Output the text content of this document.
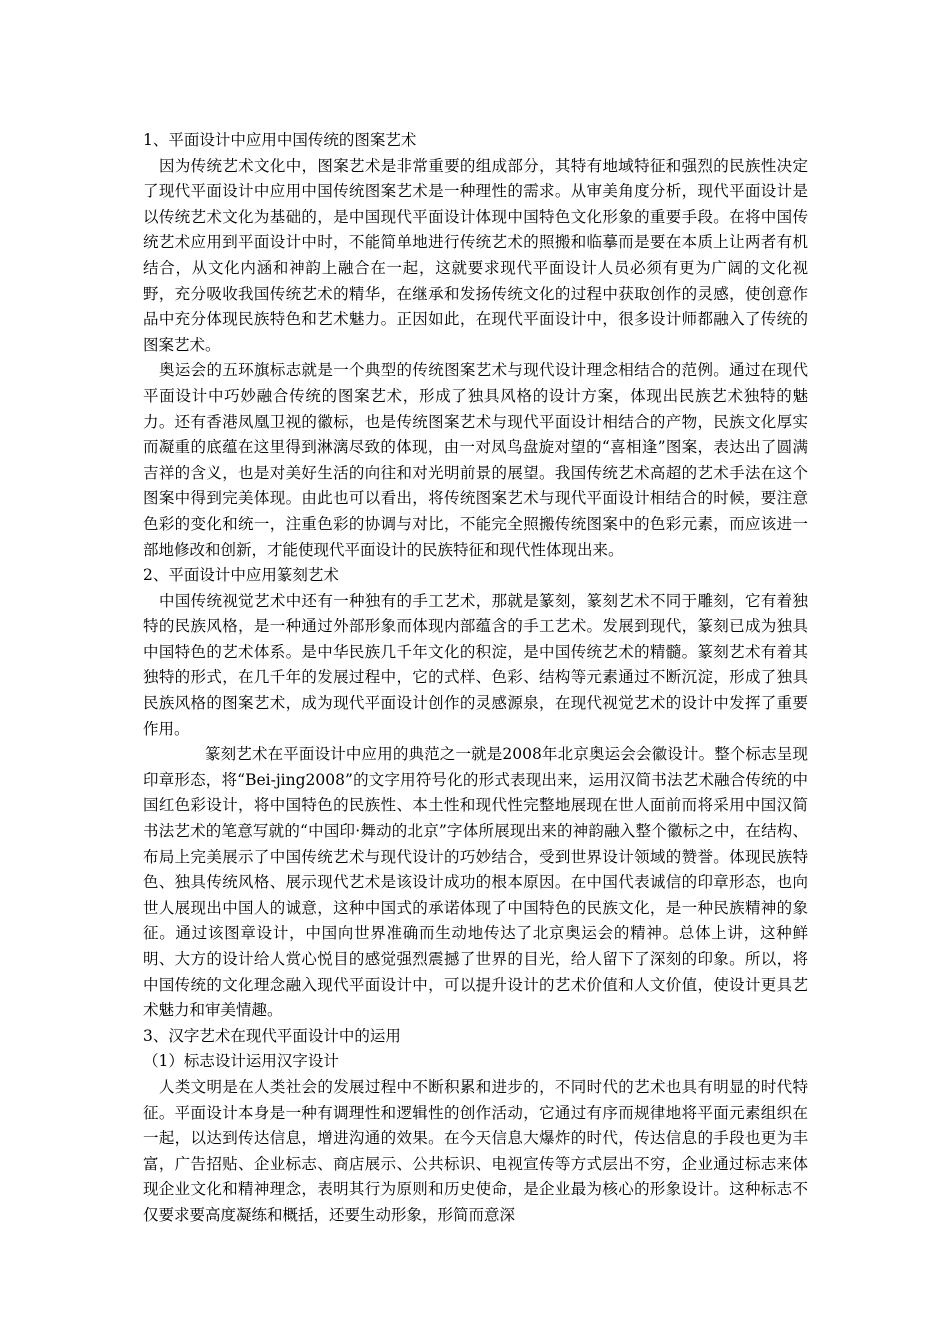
1、平面设计中应用中国传统的图案艺术

因为传统艺术文化中，图案艺术是非常重要的组成部分，其特有地域特征和强烈的民族性决定了现代平面设计中应用中国传统图案艺术是一种理性的需求。从审美角度分析，现代平面设计是以传统艺术文化为基础的，是中国现代平面设计体现中国特色文化形象的重要手段。在将中国传统艺术应用到平面设计中时，不能简单地进行传统艺术的照搬和临摹而是要在本质上让两者有机结合，从文化内涵和神韵上融合在一起，这就要求现代平面设计人员必须有更为广阔的文化视野，充分吸收我国传统艺术的精华，在继承和发扬传统文化的过程中获取创作的灵感，使创意作品中充分体现民族特色和艺术魅力。正因如此，在现代平面设计中，很多设计师都融入了传统的图案艺术。

奥运会的五环旗标志就是一个典型的传统图案艺术与现代设计理念相结合的范例。通过在现代平面设计中巧妙融合传统的图案艺术，形成了独具风格的设计方案，体现出民族艺术独特的魅力。还有香港凤凰卫视的徽标，也是传统图案艺术与现代平面设计相结合的产物，民族文化厚实而凝重的底蕴在这里得到淋漓尽致的体现，由一对凤鸟盘旋对望的“喜相逢”图案，表达出了圆满吉祥的含义，也是对美好生活的向往和对光明前景的展望。我国传统艺术高超的艺术手法在这个图案中得到完美体现。由此也可以看出，将传统图案艺术与现代平面设计相结合的时候，要注意色彩的变化和统一，注重色彩的协调与对比，不能完全照搬传统图案中的色彩元素，而应该进一部地修改和创新，才能使现代平面设计的民族特征和现代性体现出来。

2、平面设计中应用篆刻艺术

中国传统视觉艺术中还有一种独有的手工艺术，那就是篆刻，篆刻艺术不同于雕刻，它有着独特的民族风格，是一种通过外部形象而体现内部蕴含的手工艺术。发展到现代，篆刻已成为独具中国特色的艺术体系。是中华民族几千年文化的积淀，是中国传统艺术的精髓。篆刻艺术有着其独特的形式，在几千年的发展过程中，它的式样、色彩、结构等元素通过不断沉淀，形成了独具民族风格的图案艺术，成为现代平面设计创作的灵感源泉，在现代视觉艺术的设计中发挥了重要作用。

篆刻艺术在平面设计中应用的典范之一就是2008年北京奥运会会徽设计。整个标志呈现印章形态，将“Bei-jing2008”的文字用符号化的形式表现出来，运用汉简书法艺术融合传统的中国红色彩设计，将中国特色的民族性、本土性和现代性完整地展现在世人面前而将采用中国汉简书法艺术的笔意写就的“中国印·舞动的北京”字体所展现出来的神韵融入整个徽标之中，在结构、布局上完美展示了中国传统艺术与现代设计的巧妙结合，受到世界设计领域的赞誉。体现民族特色、独具传统风格、展示现代艺术是该设计成功的根本原因。在中国代表诚信的印章形态，也向世人展现出中国人的诚意，这种中国式的承诺体现了中国特色的民族文化，是一种民族精神的象征。通过该图章设计，中国向世界准确而生动地传达了北京奥运会的精神。总体上讲，这种鲜明、大方的设计给人赏心悦目的感觉强烈震撼了世界的目光，给人留下了深刻的印象。所以，将中国传统的文化理念融入现代平面设计中，可以提升设计的艺术价值和人文价值，使设计更具艺术魅力和审美情趣。

3、汉字艺术在现代平面设计中的运用

（1）标志设计运用汉字设计

人类文明是在人类社会的发展过程中不断积累和进步的，不同时代的艺术也具有明显的时代特征。平面设计本身是一种有调理性和逻辑性的创作活动，它通过有序而规律地将平面元素组织在一起，以达到传达信息，增进沟通的效果。在今天信息大爆炸的时代，传达信息的手段也更为丰富，广告招贴、企业标志、商店展示、公共标识、电视宣传等方式层出不穷，企业通过标志来体现企业文化和精神理念，表明其行为原则和历史使命，是企业最为核心的形象设计。这种标志不仅要求要高度凝练和概括，还要生动形象，形简而意深
